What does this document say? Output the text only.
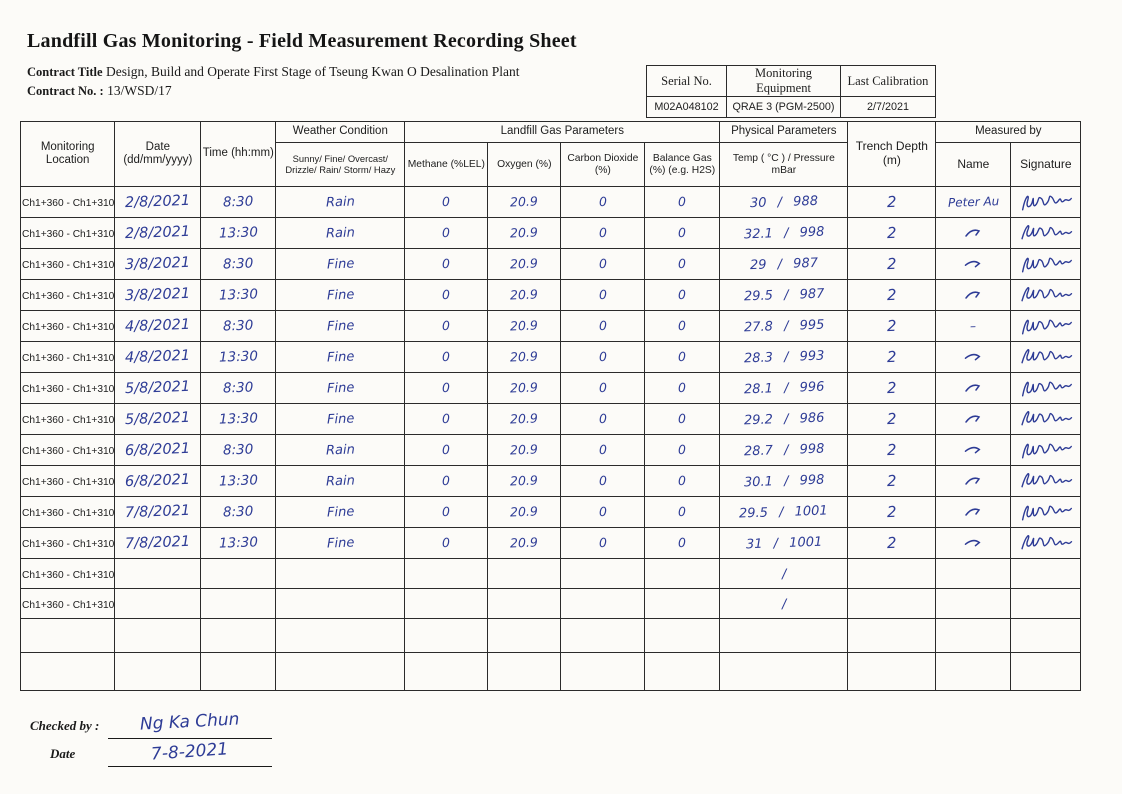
Landfill Gas Monitoring - Field Measurement Recording Sheet
Contract Title Design, Build and Operate First Stage of Tseung Kwan O Desalination Plant
Contract No. : 13/WSD/17
Serial No.	Monitoring Equipment	Last Calibration
M02A048102	QRAE 3 (PGM-2500)	2/7/2021
Monitoring Location	Date (dd/mm/yyyy)	Time (hh:mm)	Weather Condition	Landfill Gas Parameters				Physical Parameters	Trench Depth (m)	Measured by	
			Sunny/ Fine/ Overcast/ Drizzle/ Rain/ Storm/ Hazy	Methane (%LEL)	Oxygen (%)	Carbon Dioxide (%)	Balance Gas (%) (e.g. H2S)	Temp ( °C ) / Pressure mBar		Name	Signature
Ch1+360 - Ch1+310	2/8/2021	8:30	Rain	0	20.9	0	0	30 / 988	2	Peter Au	
Ch1+360 - Ch1+310	2/8/2021	13:30	Rain	0	20.9	0	0	32.1 / 998	2		
Ch1+360 - Ch1+310	3/8/2021	8:30	Fine	0	20.9	0	0	29 / 987	2		
Ch1+360 - Ch1+310	3/8/2021	13:30	Fine	0	20.9	0	0	29.5 / 987	2		
Ch1+360 - Ch1+310	4/8/2021	8:30	Fine	0	20.9	0	0	27.8 / 995	2	–	
Ch1+360 - Ch1+310	4/8/2021	13:30	Fine	0	20.9	0	0	28.3 / 993	2		
Ch1+360 - Ch1+310	5/8/2021	8:30	Fine	0	20.9	0	0	28.1 / 996	2		
Ch1+360 - Ch1+310	5/8/2021	13:30	Fine	0	20.9	0	0	29.2 / 986	2		
Ch1+360 - Ch1+310	6/8/2021	8:30	Rain	0	20.9	0	0	28.7 / 998	2		
Ch1+360 - Ch1+310	6/8/2021	13:30	Rain	0	20.9	0	0	30.1 / 998	2		
Ch1+360 - Ch1+310	7/8/2021	8:30	Fine	0	20.9	0	0	29.5 / 1001	2		
Ch1+360 - Ch1+310	7/8/2021	13:30	Fine	0	20.9	0	0	31 / 1001	2		
Ch1+360 - Ch1+310								/			
Ch1+360 - Ch1+310								/			

Checked by :	Ng Ka Chun
Date	7-8-2021
